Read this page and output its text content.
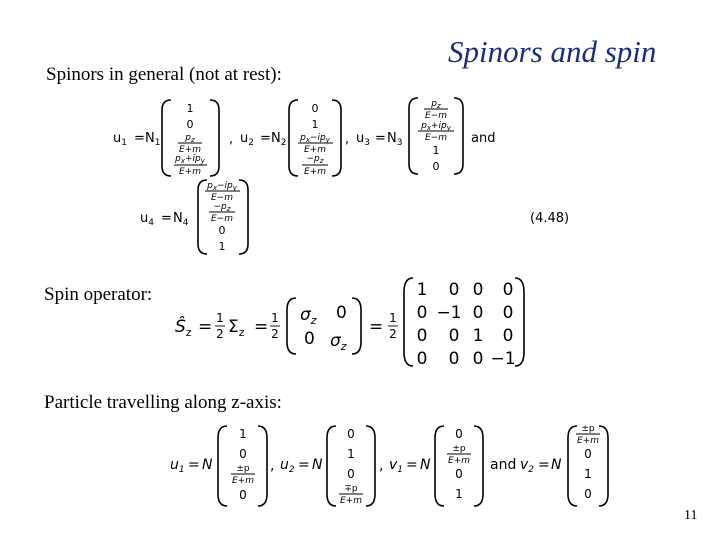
Spinors and spin
Spinors in general (not at rest):
Spin operator:
Particle travelling along z-axis:
11
$u_1 = N_1$
1
0
$p_z$
E+m
$p_x+ip_y$
E+m
, $u_2 = N_2$
0
1
$p_x-ip_y$
E+m
$-p_z$
E+m
, $u_3 = N_3$
$p_z$
E−m
$p_x+ip_y$
E−m
1
0
and
$u_4 = N_4$
$p_x-ip_y$
E−m
$-p_z$
E−m
0
1
(4.48)
$Ŝ_z = 1$
2 $\Sigma_z = 1$
2
$\sigma_z$ 0
0 $\sigma_z$
= 1
2
1 0 0 0
0 −1 0 0
0 0 1 0
0 0 0 −1
$u_1 = N$
1
0
±p
E+m
0
, $u_2 = N$
0
1
0
∓p
E+m
, $v_1 = N$
0
±p
E+m
0
1
and $v_2 = N$
±p
E+m
0
1
0
